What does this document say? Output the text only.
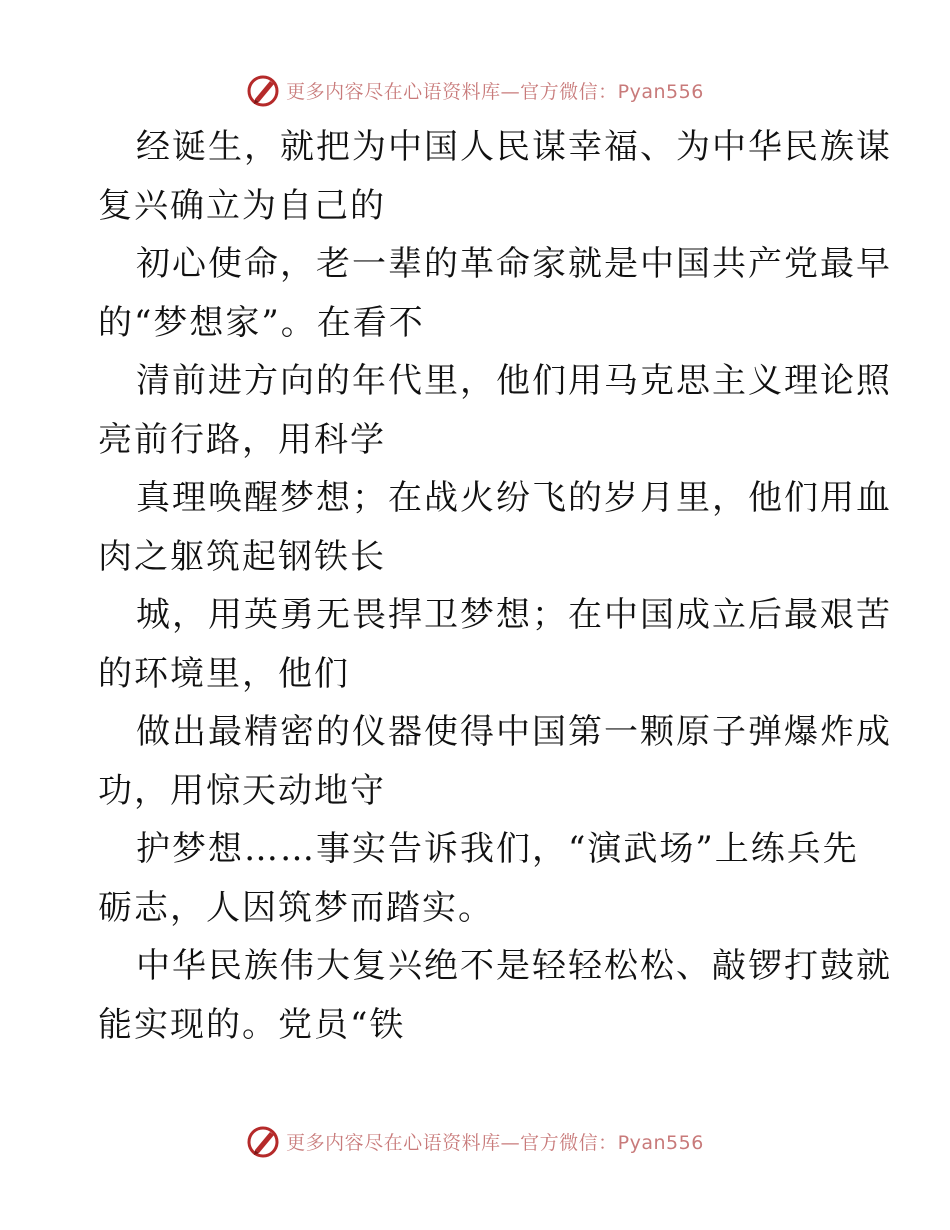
更多内容尽在心语资料库—官方微信：Pyan556
经诞生，就把为中国人民谋幸福、为中华民族谋
复兴确立为自己的
初心使命，老一辈的革命家就是中国共产党最早
的“梦想家”。在看不
清前进方向的年代里，他们用马克思主义理论照
亮前行路，用科学
真理唤醒梦想；在战火纷飞的岁月里，他们用血
肉之躯筑起钢铁长
城，用英勇无畏捍卫梦想；在中国成立后最艰苦
的环境里，他们
做出最精密的仪器使得中国第一颗原子弹爆炸成
功，用惊天动地守
护梦想……事实告诉我们，“演武场”上练兵先
砺志，人因筑梦而踏实。
中华民族伟大复兴绝不是轻轻松松、敲锣打鼓就
能实现的。党员“铁
更多内容尽在心语资料库—官方微信：Pyan556
